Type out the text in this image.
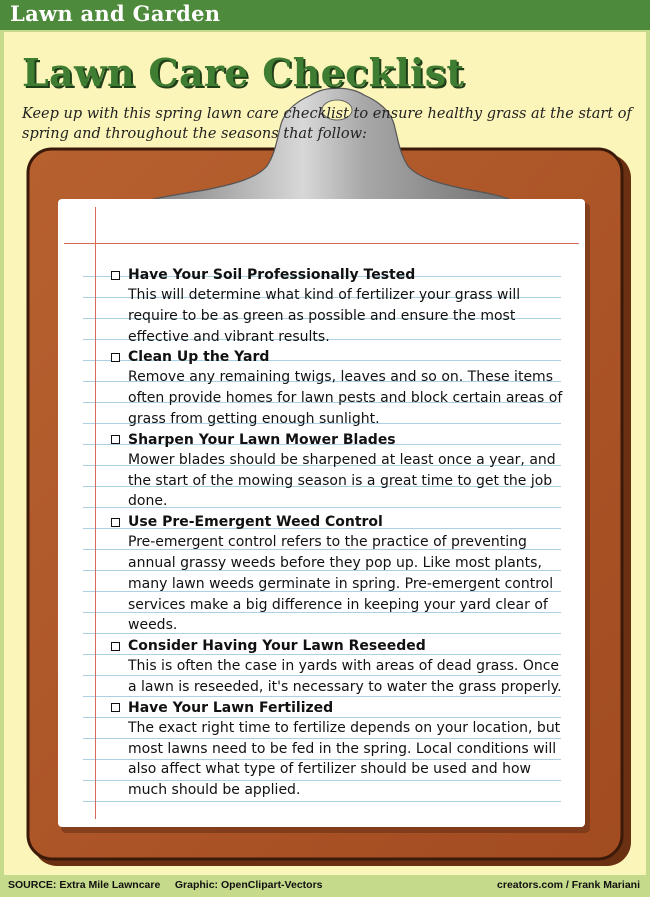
Lawn and Garden
Lawn Care Checklist
Keep up with this spring lawn care checklist to ensure healthy grass at the start of spring and throughout the seasons that follow:
Have Your Soil Professionally Tested
This will determine what kind of fertilizer your grass will require to be as green as possible and ensure the most effective and vibrant results.
Clean Up the Yard
Remove any remaining twigs, leaves and so on. These items often provide homes for lawn pests and block certain areas of grass from getting enough sunlight.
Sharpen Your Lawn Mower Blades
Mower blades should be sharpened at least once a year, and the start of the mowing season is a great time to get the job done.
Use Pre-Emergent Weed Control
Pre-emergent control refers to the practice of preventing annual grassy weeds before they pop up. Like most plants, many lawn weeds germinate in spring. Pre-emergent control services make a big difference in keeping your yard clear of weeds.
Consider Having Your Lawn Reseeded
This is often the case in yards with areas of dead grass. Once a lawn is reseeded, it's necessary to water the grass properly.
Have Your Lawn Fertilized
The exact right time to fertilize depends on your location, but most lawns need to be fed in the spring. Local conditions will also affect what type of fertilizer should be used and how much should be applied.
SOURCE: Extra Mile Lawncare     Graphic: OpenClipart-Vectors	creators.com / Frank Mariani
